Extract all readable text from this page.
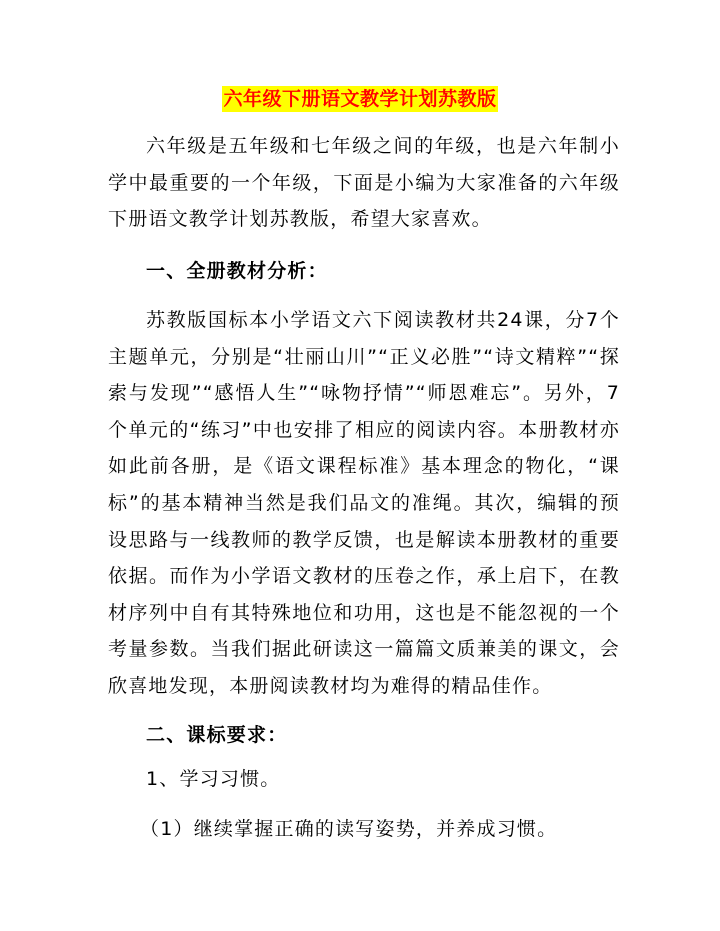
六年级下册语文教学计划苏教版

六年级是五年级和七年级之间的年级，也是六年制小学中最重要的一个年级，下面是小编为大家准备的六年级下册语文教学计划苏教版，希望大家喜欢。

一、全册教材分析：

苏教版国标本小学语文六下阅读教材共24课，分7个主题单元，分别是“壮丽山川”“正义必胜”“诗文精粹”“探索与发现”“感悟人生”“咏物抒情”“师恩难忘”。另外，7个单元的“练习”中也安排了相应的阅读内容。本册教材亦如此前各册，是《语文课程标准》基本理念的物化，“课标”的基本精神当然是我们品文的准绳。其次，编辑的预设思路与一线教师的教学反馈，也是解读本册教材的重要依据。而作为小学语文教材的压卷之作，承上启下，在教材序列中自有其特殊地位和功用，这也是不能忽视的一个考量参数。当我们据此研读这一篇篇文质兼美的课文，会欣喜地发现，本册阅读教材均为难得的精品佳作。

二、课标要求：
1、学习习惯。
（1）继续掌握正确的读写姿势，并养成习惯。
